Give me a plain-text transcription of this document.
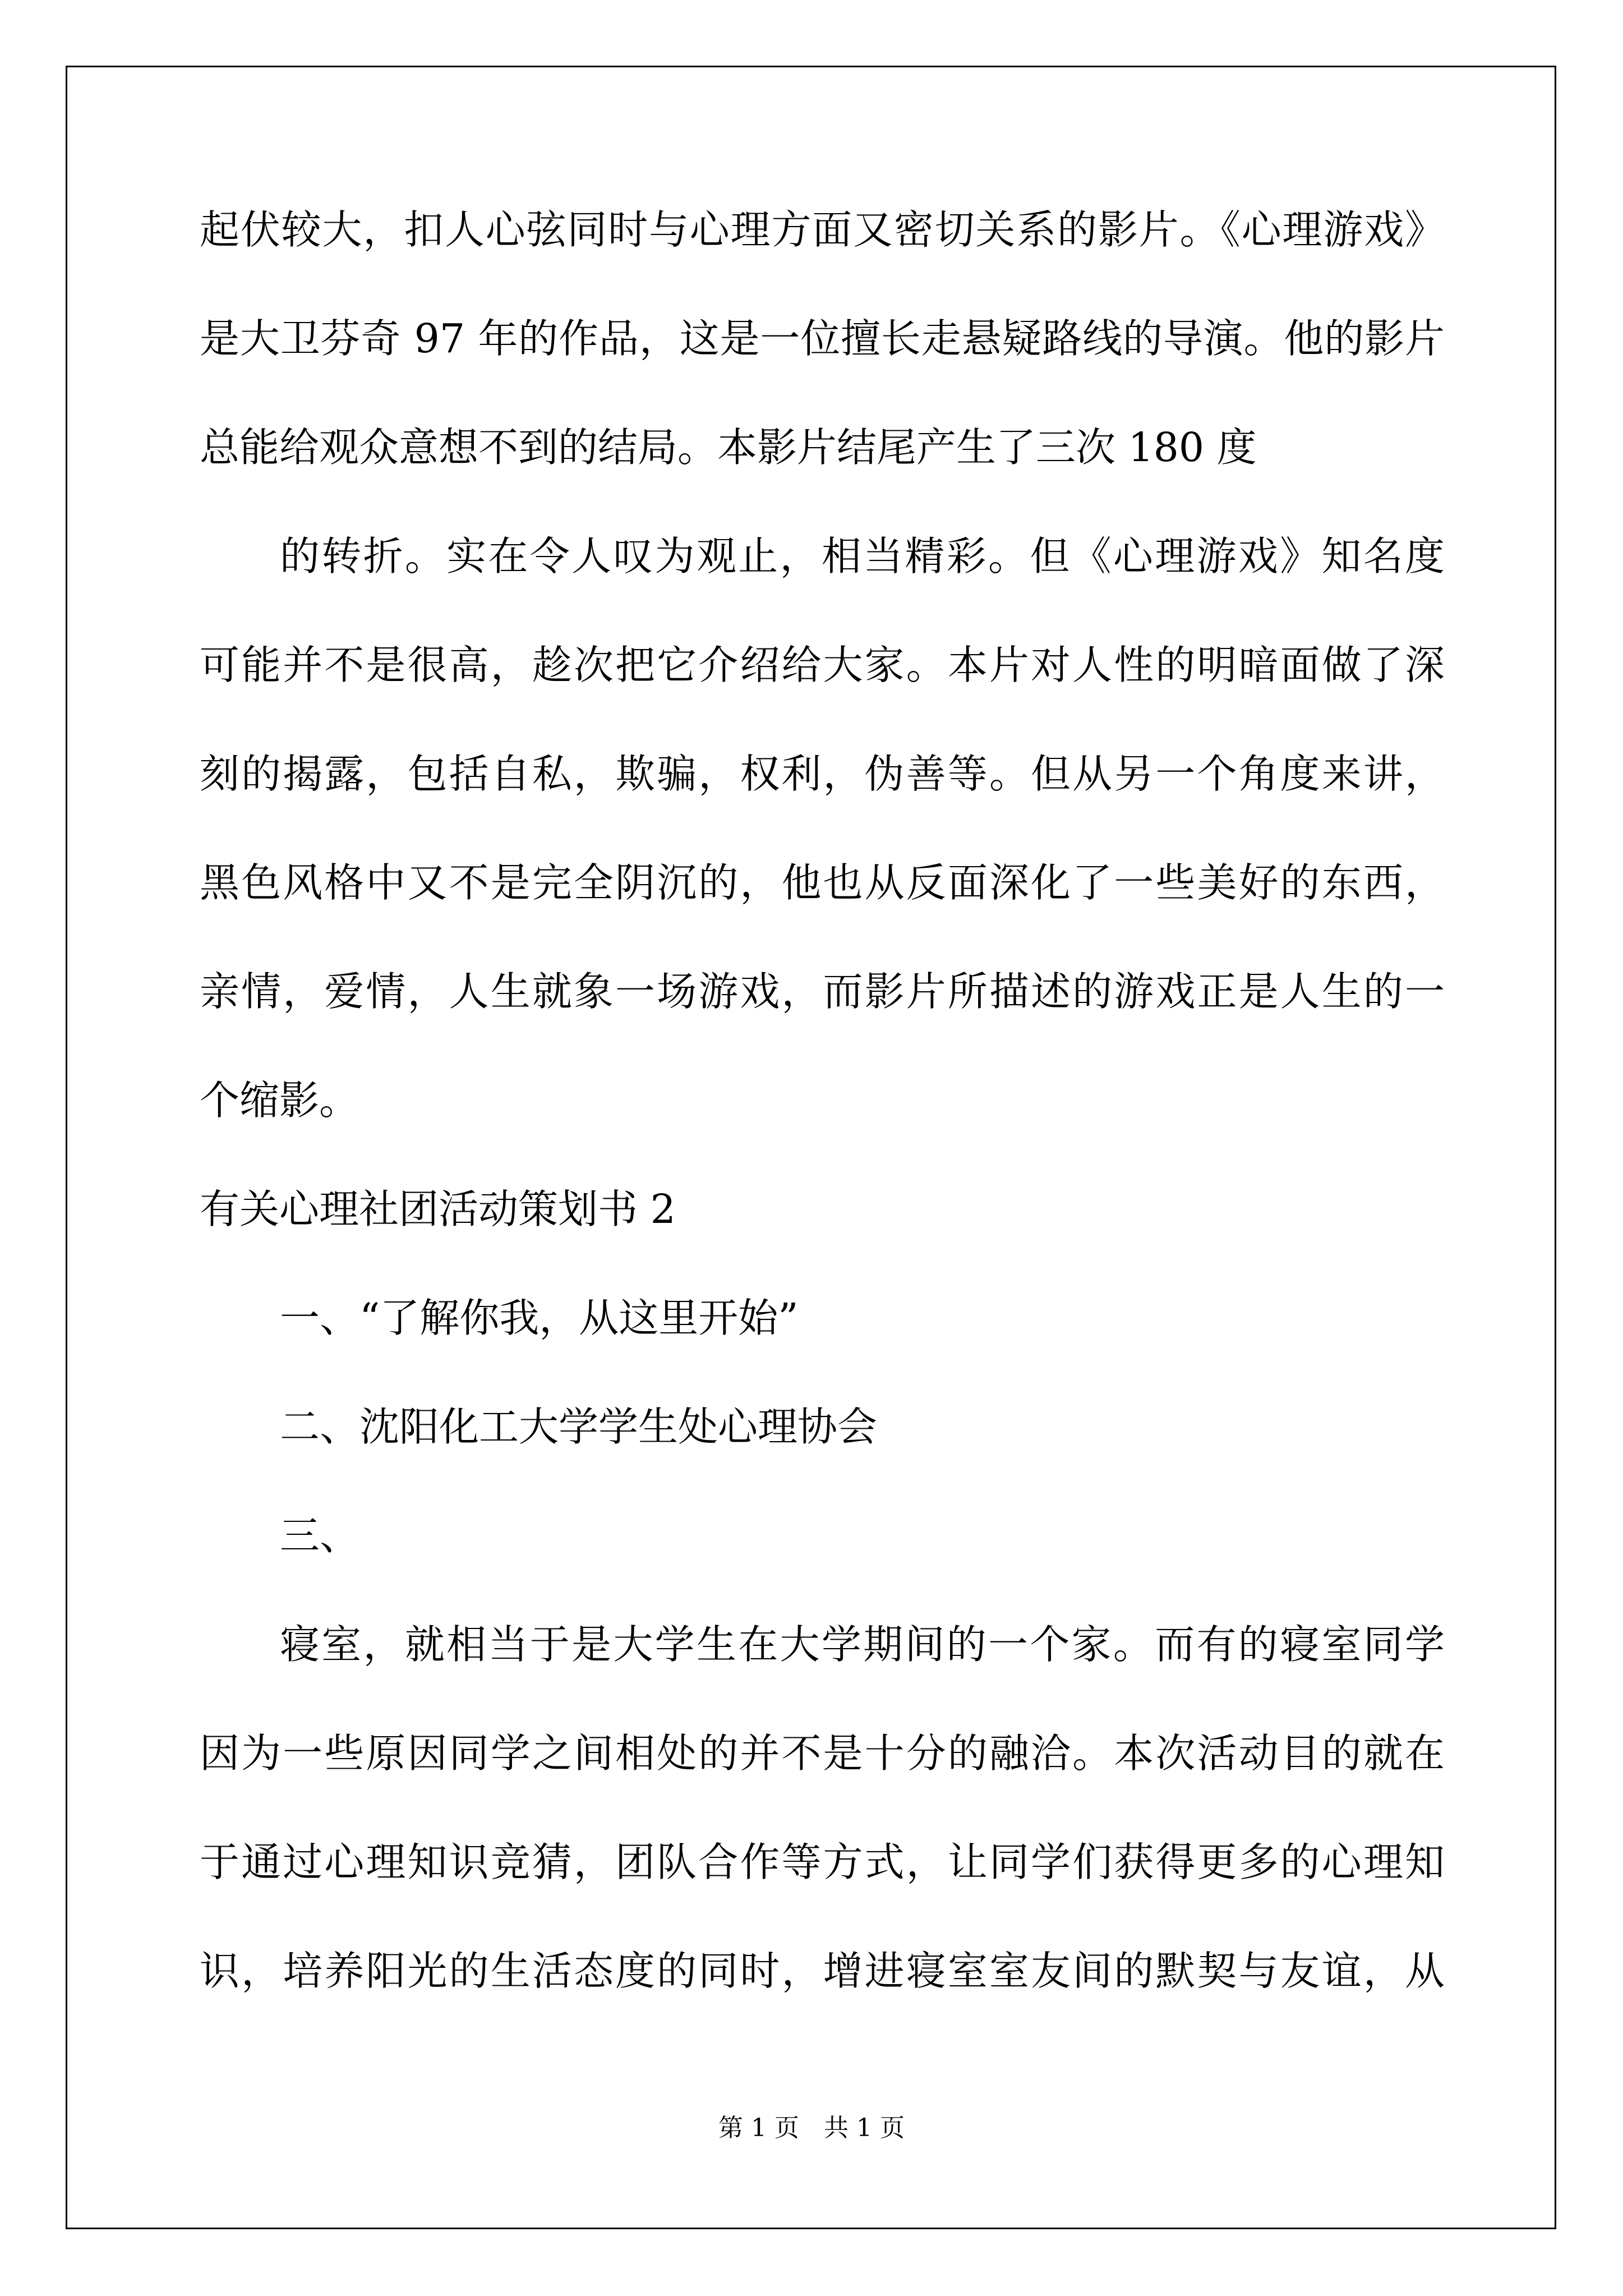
起伏较大，扣人心弦同时与心理方面又密切关系的影片。《心理游戏》
是大卫芬奇 97 年的作品，这是一位擅长走悬疑路线的导演。他的影片
总能给观众意想不到的结局。本影片结尾产生了三次 180 度
的转折。实在令人叹为观止，相当精彩。但《心理游戏》知名度
可能并不是很高，趁次把它介绍给大家。本片对人性的明暗面做了深
刻的揭露，包括自私，欺骗，权利，伪善等。但从另一个角度来讲，
黑色风格中又不是完全阴沉的，他也从反面深化了一些美好的东西，
亲情，爱情，人生就象一场游戏，而影片所描述的游戏正是人生的一
个缩影。
有关心理社团活动策划书 2
一、“了解你我，从这里开始”
二、沈阳化工大学学生处心理协会
三、
寝室，就相当于是大学生在大学期间的一个家。而有的寝室同学
因为一些原因同学之间相处的并不是十分的融洽。本次活动目的就在
于通过心理知识竞猜，团队合作等方式，让同学们获得更多的心理知
识，培养阳光的生活态度的同时，增进寝室室友间的默契与友谊，从
第 1 页　共 1 页
